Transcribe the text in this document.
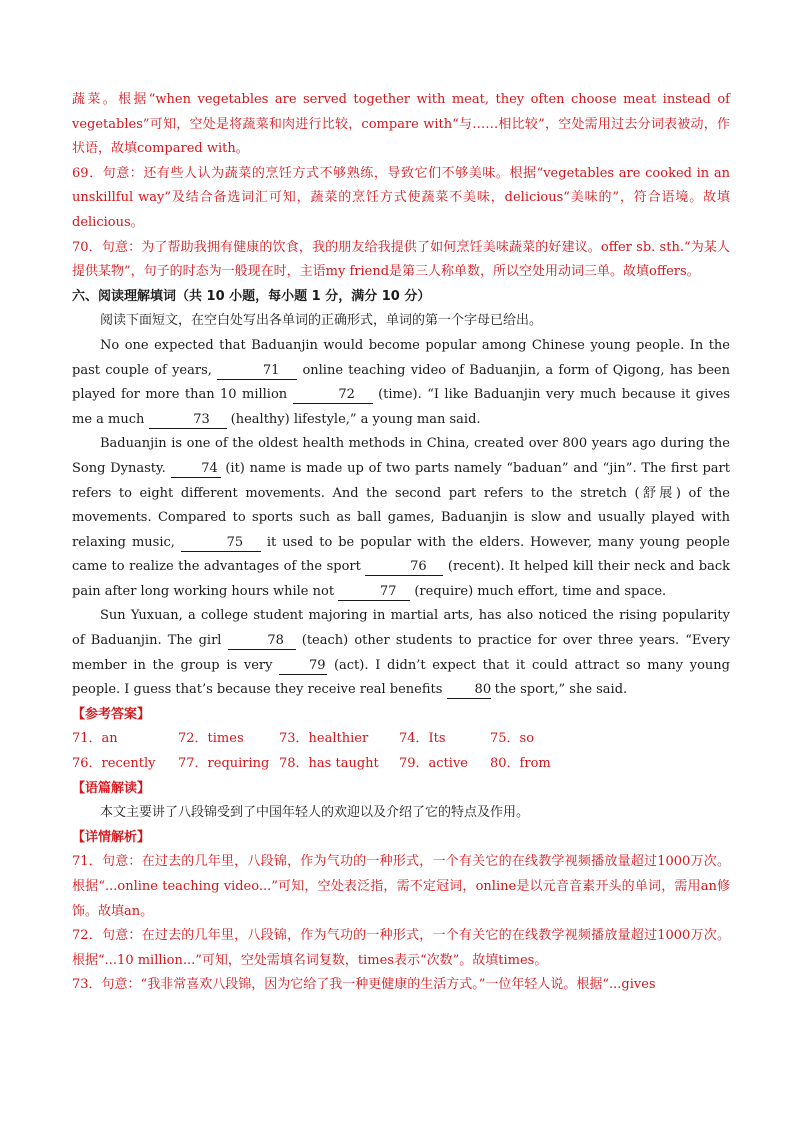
蔬菜。根据“when vegetables are served together with meat, they often choose meat instead of vegetables”可知，空处是将蔬菜和肉进行比较，compare with“与……相比较”，空处需用过去分词表被动，作状语，故填compared with。

69．句意：还有些人认为蔬菜的烹饪方式不够熟练，导致它们不够美味。根据“vegetables are cooked in an unskillful way”及结合备选词汇可知，蔬菜的烹饪方式使蔬菜不美味，delicious“美味的”，符合语境。故填delicious。

70．句意：为了帮助我拥有健康的饮食，我的朋友给我提供了如何烹饪美味蔬菜的好建议。offer sb. sth.“为某人提供某物”，句子的时态为一般现在时，主语my friend是第三人称单数，所以空处用动词三单。故填offers。

六、阅读理解填词（共 10 小题，每小题 1 分，满分 10 分）

阅读下面短文，在空白处写出各单词的正确形式，单词的第一个字母已给出。

No one expected that Baduanjin would become popular among Chinese young people. In the past couple of years,	71 online teaching video of Baduanjin, a form of Qigong, has been played for more than 10 million	72 (time). “I like Baduanjin very much because it gives me a much	73 (healthy) lifestyle,” a young man said.

Baduanjin is one of the oldest health methods in China, created over 800 years ago during the Song Dynasty. 74 (it) name is made up of two parts namely “baduan” and “jin”. The first part refers to eight different movements. And the second part refers to the stretch (舒展) of the movements. Compared to sports such as ball games, Baduanjin is slow and usually played with relaxing music,	75 it used to be popular with the elders. However, many young people came to realize the advantages of the sport	76 (recent). It helped kill their neck and back pain after long working hours while not	77 (require) much effort, time and space.

Sun Yuxuan, a college student majoring in martial arts, has also noticed the rising popularity of Baduanjin. The girl	78 (teach) other students to practice for over three years. “Every member in the group is very 79 (act). I didn’t expect that it could attract so many young people. I guess that’s because they receive real benefits 80 the sport,” she said.

【参考答案】

71．an	72．times	73．healthier	74．Its	75．so
76．recently	77．requiring 78．has taught	79．active	80．from

【语篇解读】

本文主要讲了八段锦受到了中国年轻人的欢迎以及介绍了它的特点及作用。

【详情解析】

71．句意：在过去的几年里，八段锦，作为气功的一种形式，一个有关它的在线教学视频播放量超过1000万次。根据“...online teaching video...”可知，空处表泛指，需不定冠词，online是以元音音素开头的单词，需用an修饰。故填an。

72．句意：在过去的几年里，八段锦，作为气功的一种形式，一个有关它的在线教学视频播放量超过1000万次。根据“...10 million...”可知，空处需填名词复数，times表示“次数”。故填times。

73．句意：“我非常喜欢八段锦，因为它给了我一种更健康的生活方式。”一位年轻人说。根据“...gives
